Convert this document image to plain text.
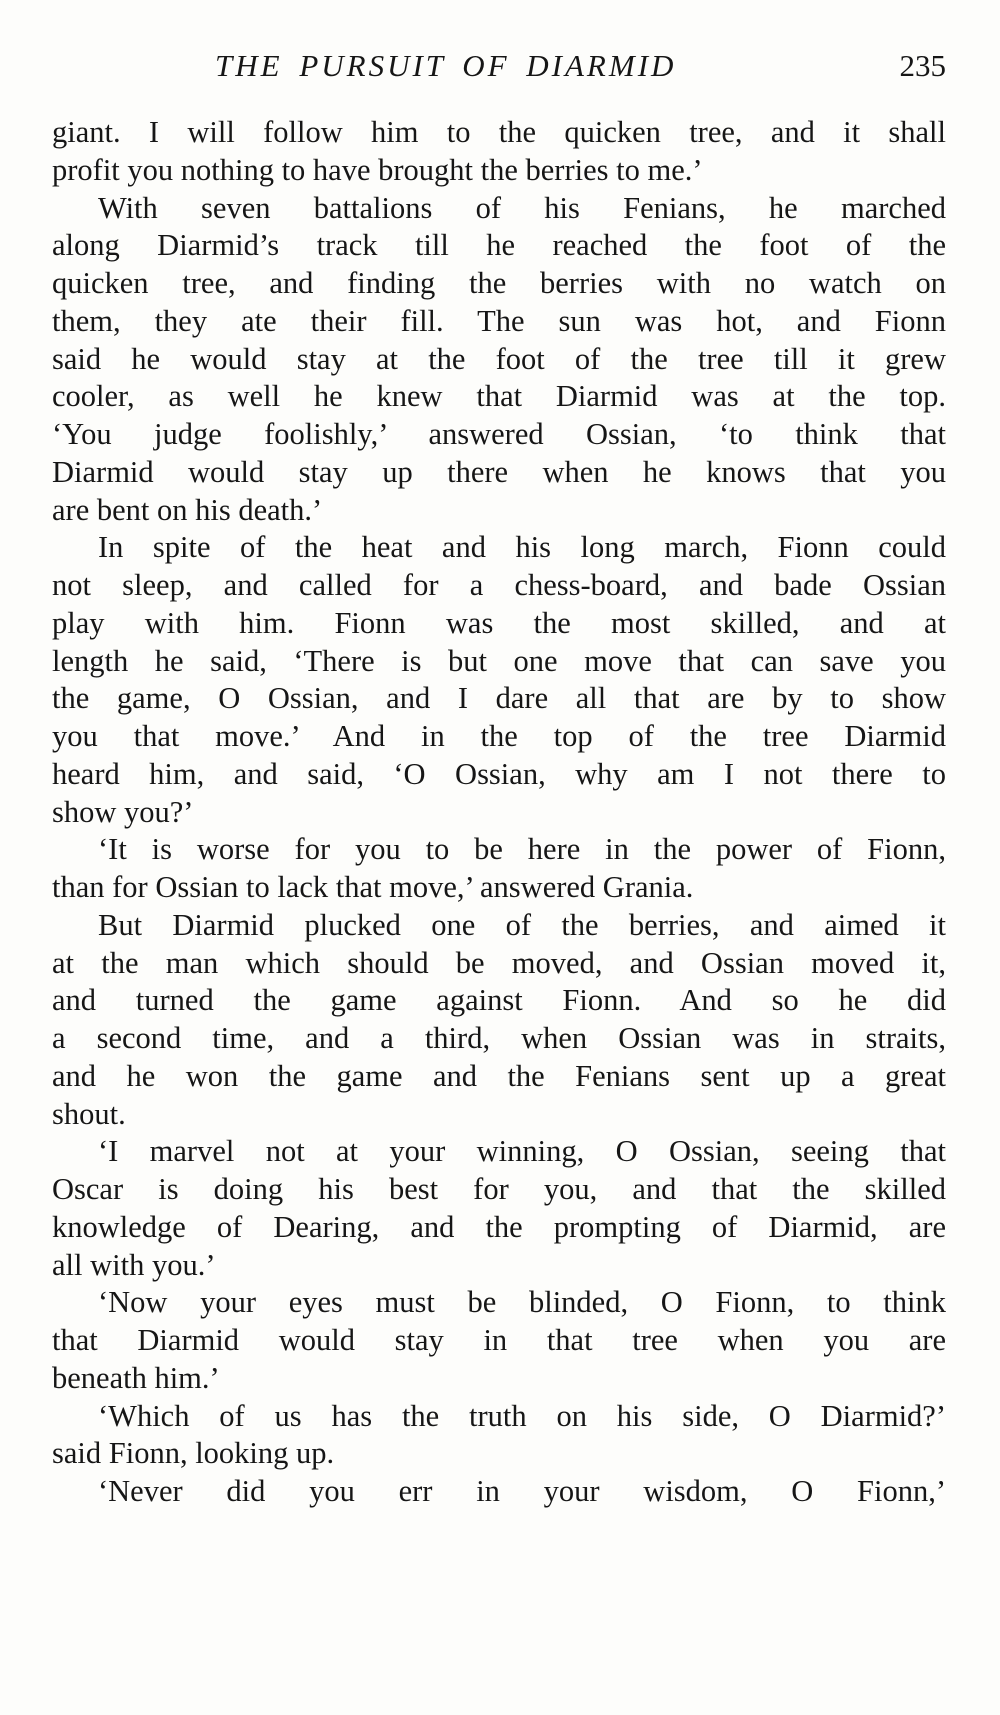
THE PURSUIT OF DIARMID	235

giant. I will follow him to the quicken tree, and it shall
profit you nothing to have brought the berries to me.’

With seven battalions of his Fenians, he marched
along Diarmid’s track till he reached the foot of the
quicken tree, and finding the berries with no watch on
them, they ate their fill. The sun was hot, and Fionn
said he would stay at the foot of the tree till it grew
cooler, as well he knew that Diarmid was at the top.
‘You judge foolishly,’ answered Ossian, ‘to think that
Diarmid would stay up there when he knows that you
are bent on his death.’

In spite of the heat and his long march, Fionn could
not sleep, and called for a chess-board, and bade Ossian
play with him. Fionn was the most skilled, and at
length he said, ‘There is but one move that can save you
the game, O Ossian, and I dare all that are by to show
you that move.’ And in the top of the tree Diarmid
heard him, and said, ‘O Ossian, why am I not there to
show you?’

‘It is worse for you to be here in the power of Fionn,
than for Ossian to lack that move,’ answered Grania.

But Diarmid plucked one of the berries, and aimed it
at the man which should be moved, and Ossian moved it,
and turned the game against Fionn. And so he did
a second time, and a third, when Ossian was in straits,
and he won the game and the Fenians sent up a great
shout.

‘I marvel not at your winning, O Ossian, seeing that
Oscar is doing his best for you, and that the skilled
knowledge of Dearing, and the prompting of Diarmid, are
all with you.’

‘Now your eyes must be blinded, O Fionn, to think
that Diarmid would stay in that tree when you are
beneath him.’

‘Which of us has the truth on his side, O Diarmid?’
said Fionn, looking up.

‘Never did you err in your wisdom, O Fionn,’
